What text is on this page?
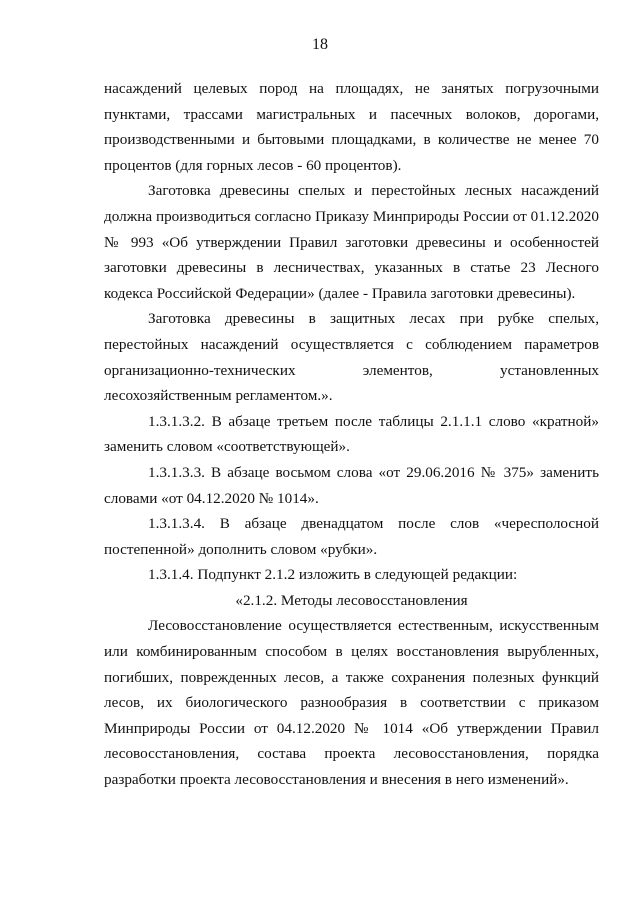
18

насаждений целевых пород на площадях, не занятых погрузочными пунктами, трассами магистральных и пасечных волоков, дорогами, производственными и бытовыми площадками, в количестве не менее 70 процентов (для горных лесов - 60 процентов).

Заготовка древесины спелых и перестойных лесных насаждений должна производиться согласно Приказу Минприроды России от 01.12.2020 № 993 «Об утверждении Правил заготовки древесины и особенностей заготовки древесины в лесничествах, указанных в статье 23 Лесного кодекса Российской Федерации» (далее - Правила заготовки древесины).

Заготовка древесины в защитных лесах при рубке спелых, перестойных насаждений осуществляется с соблюдением параметров организационно-технических элементов, установленных

лесохозяйственным регламентом.».

1.3.1.3.2. В абзаце третьем после таблицы 2.1.1.1 слово «кратной» заменить словом «соответствующей».

1.3.1.3.3. В абзаце восьмом слова «от 29.06.2016 № 375» заменить словами «от 04.12.2020 № 1014».

1.3.1.3.4. В абзаце двенадцатом после слов «чересполосной постепенной» дополнить словом «рубки».

1.3.1.4. Подпункт 2.1.2 изложить в следующей редакции:

«2.1.2. Методы лесовосстановления

Лесовосстановление осуществляется естественным, искусственным или комбинированным способом в целях восстановления вырубленных, погибших, поврежденных лесов, а также сохранения полезных функций лесов, их биологического разнообразия в соответствии с приказом Минприроды России от 04.12.2020 № 1014 «Об утверждении Правил лесовосстановления, состава проекта лесовосстановления, порядка разработки проекта лесовосстановления и внесения в него изменений».
